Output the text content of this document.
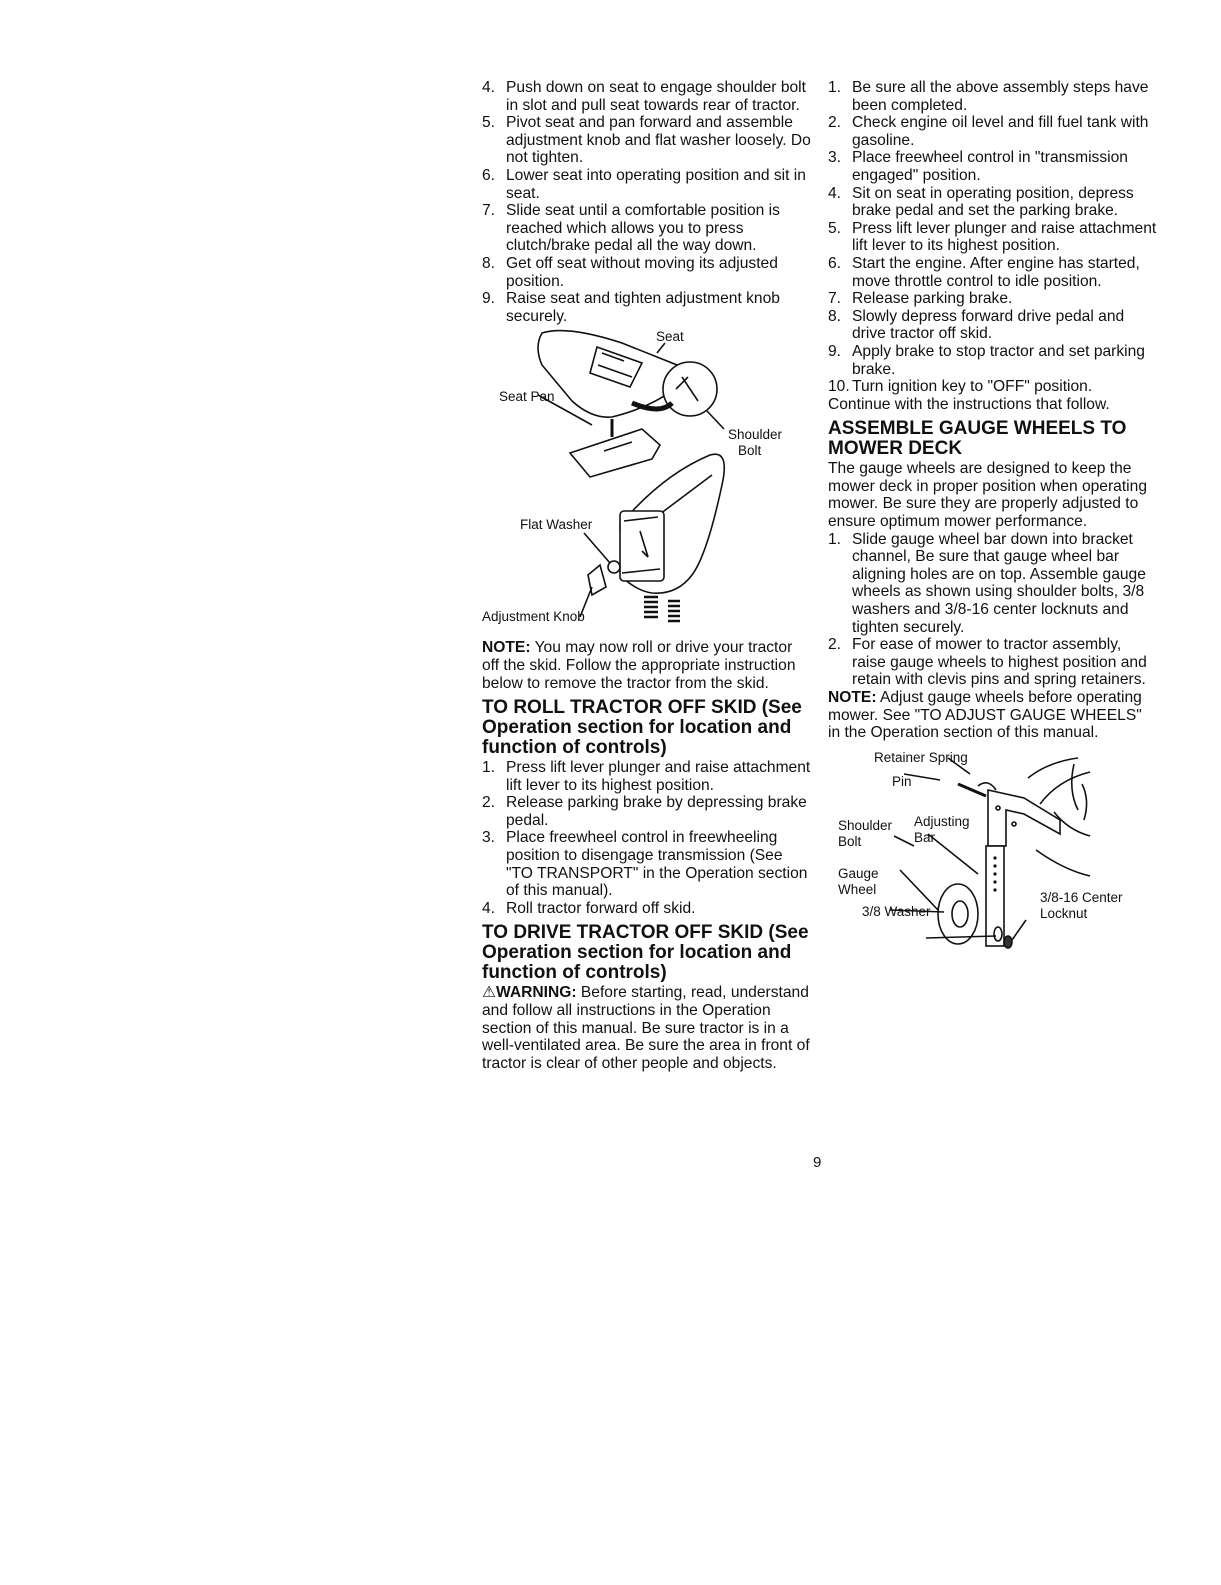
4. Push down on seat to engage shoulder bolt in slot and pull seat towards rear of tractor.
5. Pivot seat and pan forward and assemble adjustment knob and flat washer loosely. Do not tighten.
6. Lower seat into operating position and sit in seat.
7. Slide seat until a comfortable position is reached which allows you to press clutch/brake pedal all the way down.
8. Get off seat without moving its adjusted position.
9. Raise seat and tighten adjustment knob securely.
Seat
Seat Pan
Shoulder
Bolt
Flat Washer
Adjustment Knob

NOTE: You may now roll or drive your tractor off the skid. Follow the appropriate instruction below to remove the tractor from the skid.

TO ROLL TRACTOR OFF SKID (See Operation section for location and function of controls)
1. Press lift lever plunger and raise attachment lift lever to its highest position.
2. Release parking brake by depressing brake pedal.
3. Place freewheel control in freewheeling position to disengage transmission (See "TO TRANSPORT" in the Operation section of this manual).
4. Roll tractor forward off skid.
TO DRIVE TRACTOR OFF SKID (See Operation section for location and function of controls)

⚠WARNING: Before starting, read, understand and follow all instructions in the Operation section of this manual. Be sure tractor is in a well-ventilated area. Be sure the area in front of tractor is clear of other people and objects.

1. Be sure all the above assembly steps have been completed.
2. Check engine oil level and fill fuel tank with gasoline.
3. Place freewheel control in "transmission engaged" position.
4. Sit on seat in operating position, depress brake pedal and set the parking brake.
5. Press lift lever plunger and raise attachment lift lever to its highest position.
6. Start the engine. After engine has started, move throttle control to idle position.
7. Release parking brake.
8. Slowly depress forward drive pedal and drive tractor off skid.
9. Apply brake to stop tractor and set parking brake.
10. Turn ignition key to "OFF" position.

Continue with the instructions that follow.

ASSEMBLE GAUGE WHEELS TO MOWER DECK

The gauge wheels are designed to keep the mower deck in proper position when operating mower. Be sure they are properly adjusted to ensure optimum mower performance.

1. Slide gauge wheel bar down into bracket channel, Be sure that gauge wheel bar aligning holes are on top. Assemble gauge wheels as shown using shoulder bolts, 3/8 washers and 3/8-16 center locknuts and tighten securely.
2. For ease of mower to tractor assembly, raise gauge wheels to highest position and retain with clevis pins and spring retainers.

NOTE: Adjust gauge wheels before operating mower. See "TO ADJUST GAUGE WHEELS" in the Operation section of this manual.

Retainer Spring
Pin
Shoulder
Bolt
Adjusting
Bar
Gauge
Wheel
3/8 Washer
3/8-16 Center
Locknut
9
